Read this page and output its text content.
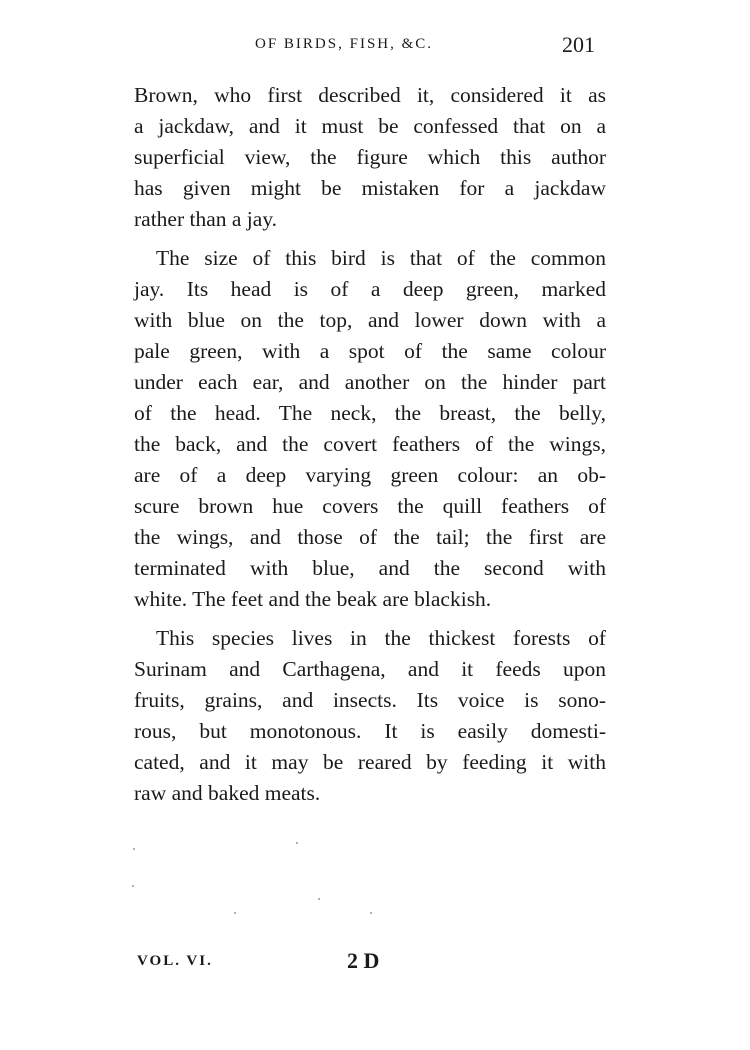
OF BIRDS, FISH, &C.	201

Brown, who first described it, considered it as
a jackdaw, and it must be confessed that on a
superficial view, the figure which this author
has given might be mistaken for a jackdaw
rather than a jay.

The size of this bird is that of the common
jay. Its head is of a deep green, marked
with blue on the top, and lower down with a
pale green, with a spot of the same colour
under each ear, and another on the hinder part
of the head. The neck, the breast, the belly,
the back, and the covert feathers of the wings,
are of a deep varying green colour: an ob-
scure brown hue covers the quill feathers of
the wings, and those of the tail; the first are
terminated with blue, and the second with
white. The feet and the beak are blackish.

This species lives in the thickest forests of
Surinam and Carthagena, and it feeds upon
fruits, grains, and insects. Its voice is sono-
rous, but monotonous. It is easily domesti-
cated, and it may be reared by feeding it with
raw and baked meats.

VOL. VI.	2 D
